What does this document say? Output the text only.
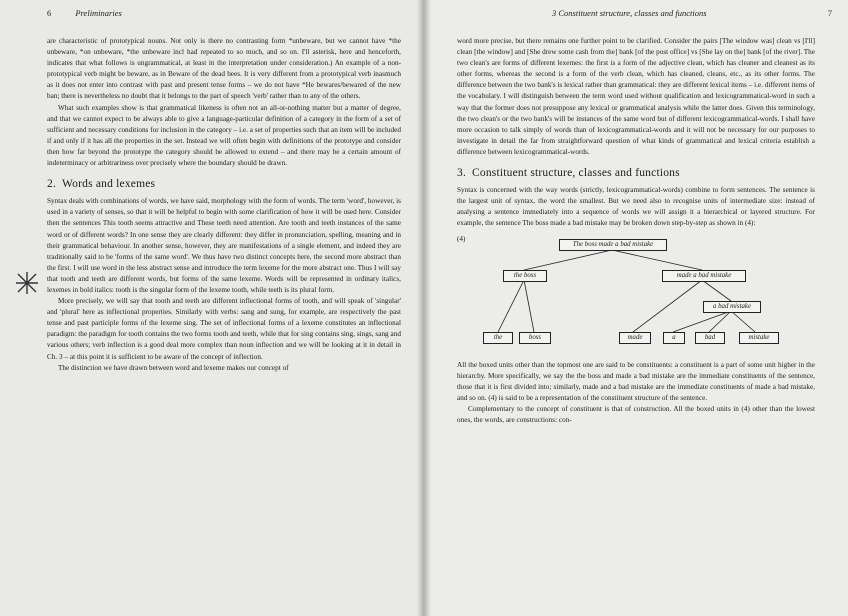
6	Preliminaries

are characteristic of prototypical nouns. Not only is there no contrasting form *unbeware, but we cannot have *the unbeware, *on unbeware, *the unbeware incl had repeated to so much, and so on. I'll asterisk, here and henceforth, indicates that what follows is ungrammatical, at least in the interpretation under consideration.) An example of a non-prototypical verb might be beware, as in Beware of the dead bees. It is very different from a prototypical verb inasmuch as it does not enter into contrast with past and present tense forms – we do not have *He bewares/bewared of the new ban; there is nevertheless no doubt that it belongs to the part of speech 'verb' rather than to any of the others.

What such examples show is that grammatical likeness is often not an all-or-nothing matter but a matter of degree, and that we cannot expect to be always able to give a language-particular definition of a category in the form of a set of sufficient and necessary conditions for inclusion in the category – i.e. a set of properties such that an item will be included if and only if it has all the properties in the set. Instead we will often begin with definitions of the prototype and consider then how far beyond the prototype the category should be allowed to extend – and there may be a certain amount of indeterminacy or arbitrariness over precisely where the boundary should be drawn.

2. Words and lexemes

Syntax deals with combinations of words, we have said, morphology with the form of words. The term 'word', however, is used in a variety of senses, so that it will be helpful to begin with some clarification of how it will be used here. Consider then the sentences This tooth seems attractive and These teeth need attention. Are tooth and teeth instances of the same word or of different words? In one sense they are clearly different: they differ in pronunciation, spelling, meaning and in their grammatical behaviour. In another sense, however, they are manifestations of a single element, and indeed they are traditionally said to be 'forms of the same word'. We thus have two distinct concepts here, the second more abstract than the first. I will use word in the less abstract sense and introduce the term lexeme for the more abstract one. Thus I will say that tooth and teeth are different words, but forms of the same lexeme. Words will be represented in ordinary italics, lexemes in bold italics: tooth is the singular form of the lexeme tooth, while teeth is its plural form.

More precisely, we will say that tooth and teeth are different inflectional forms of tooth, and will speak of 'singular' and 'plural' here as inflectional properties. Similarly with verbs: sang and sung, for example, are respectively the past tense and past participle forms of the lexeme sing. The set of inflectional forms of a lexeme constitutes an inflectional paradigm: the paradigm for tooth contains the two forms tooth and teeth, while that for sing contains sing, sings, sang and various others; verb inflection is a good deal more complex than noun inflection and we will be looking at it in detail in Ch. 3 – at this point it is sufficient to be aware of the concept of inflection.

The distinction we have drawn between word and lexeme makes our concept of

3 Constituent structure, classes and functions	7

word more precise, but there remains one further point to be clarified. Consider the pairs [The window was] clean vs [I'll] clean [the window] and [She drew some cash from the] bank [of the post office] vs [She lay on the] bank [of the river]. The two clean's are forms of different lexemes: the first is a form of the adjective clean, which has cleaner and cleanest as its other forms, whereas the second is a form of the verb clean, which has cleaned, cleans, etc., as its other forms. The difference between the two bank's is lexical rather than grammatical: they are different lexical items – i.e. different items of the vocabulary. I will distinguish between the term word used without qualification and lexicogrammatical-word in such a way that the former does not presuppose any lexical or grammatical analysis while the latter does. Given this terminology, the two clean's or the two bank's will be instances of the same word but of different lexicogrammatical-words. I shall have more occasion to talk simply of words than of lexicogrammatical-words and it will not be necessary for our purposes to investigate in detail the far from straightforward question of what kinds of grammatical and lexical criteria establish a difference between lexicogrammatical-words.

3. Constituent structure, classes and functions

Syntax is concerned with the way words (strictly, lexicogrammatical-words) combine to form sentences. The sentence is the largest unit of syntax, the word the smallest. But we need also to recognise units of intermediate size: instead of analysing a sentence immediately into a sequence of words we will assign it a hierarchical or layered structure. For example, the sentence The boss made a bad mistake may be broken down step-by-step as shown in (4):

(4)
The boss made a bad mistake
the boss	made a bad mistake
a bad mistake
the	boss	made	a	bad	mistake

All the boxed units other than the topmost one are said to be constituents: a constituent is a part of some unit higher in the hierarchy. More specifically, we say the the boss and made a bad mistake are the immediate constituents of the sentence, those that it is first divided into; similarly, made and a bad mistake are the immediate constituents of made a bad mistake, and so on. (4) is said to be a representation of the constituent structure of the sentence.

Complementary to the concept of constituent is that of construction. All the boxed units in (4) other than the lowest ones, the words, are constructions: con-
